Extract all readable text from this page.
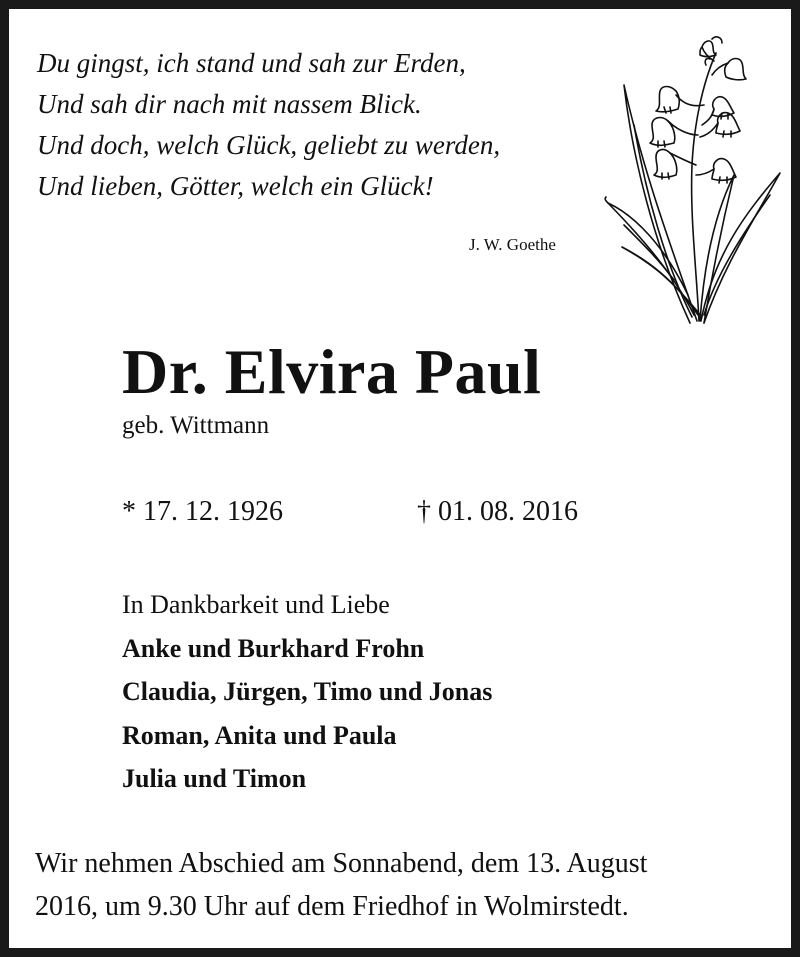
Du gingst, ich stand und sah zur Erden,
Und sah dir nach mit nassem Blick.
Und doch, welch Glück, geliebt zu werden,
Und lieben, Götter, welch ein Glück!
J. W. Goethe
Dr. Elvira Paul
geb. Wittmann
* 17. 12. 1926	† 01. 08. 2016
In Dankbarkeit und Liebe
Anke und Burkhard Frohn
Claudia, Jürgen, Timo und Jonas
Roman, Anita und Paula
Julia und Timon
Wir nehmen Abschied am Sonnabend, dem 13. August
2016, um 9.30 Uhr auf dem Friedhof in Wolmirstedt.
